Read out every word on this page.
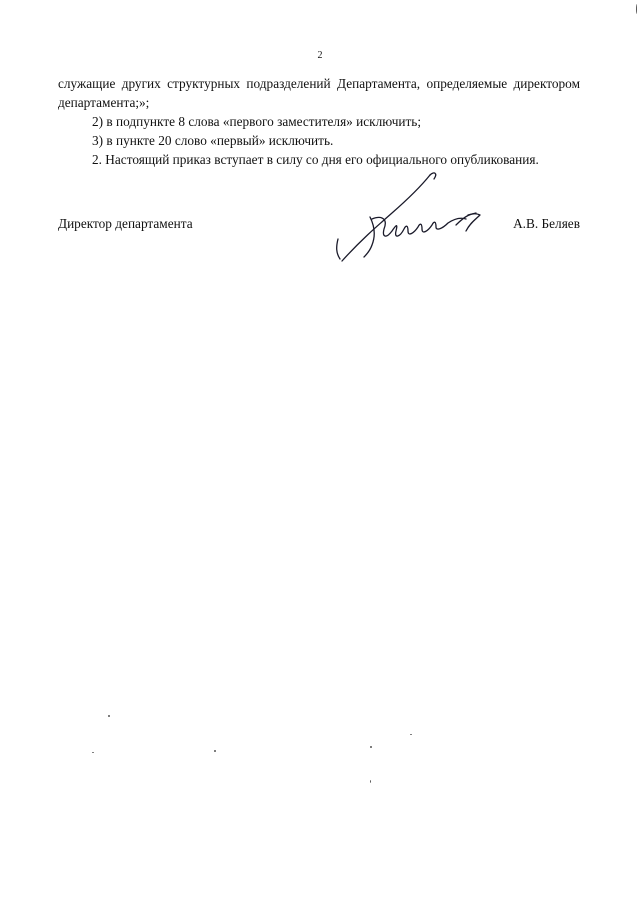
2

служащие других структурных подразделений Департамента, определяемые директором департамента;»;

2) в подпункте 8 слова «первого заместителя» исключить;

3) в пункте 20 слово «первый» исключить.

2. Настоящий приказ вступает в силу со дня его официального опубликования.

Директор департамента	А.В. Беляев
